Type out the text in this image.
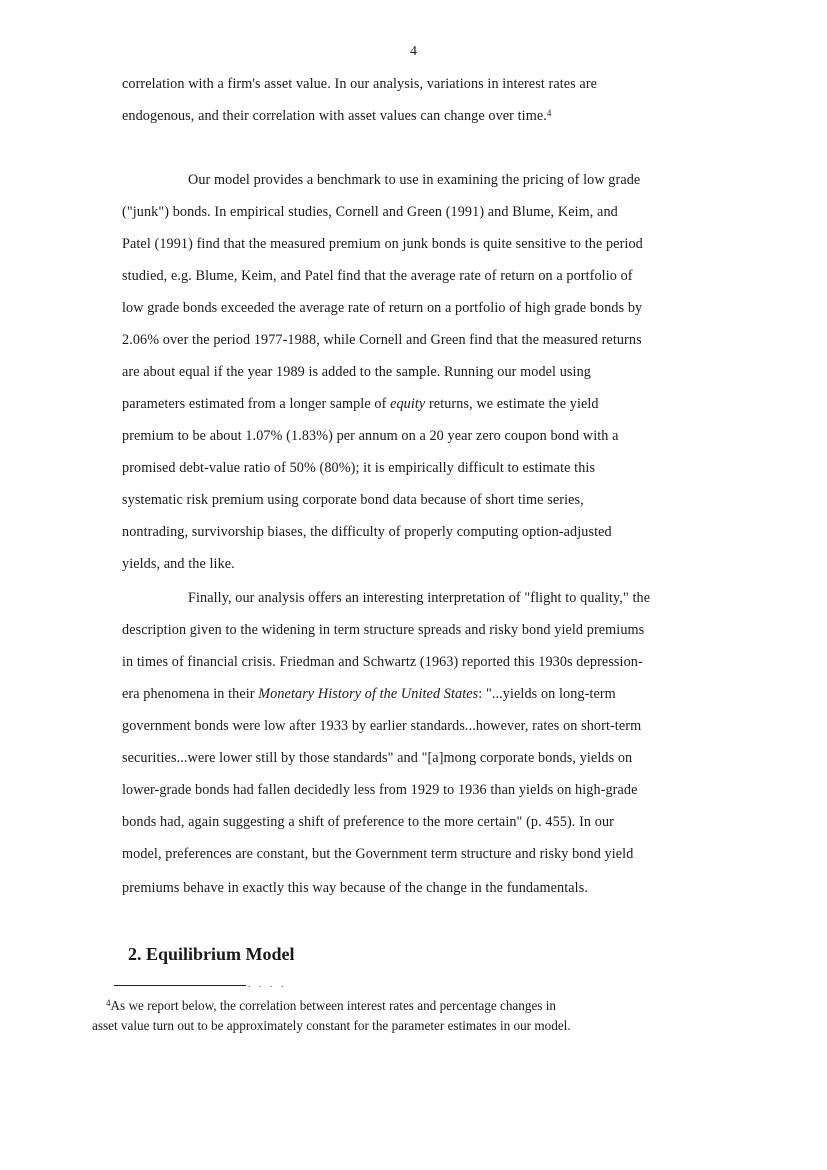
4
correlation with a firm's asset value. In our analysis, variations in interest rates are
endogenous, and their correlation with asset values can change over time.$^4$
Our model provides a benchmark to use in examining the pricing of low grade
("junk") bonds. In empirical studies, Cornell and Green (1991) and Blume, Keim, and
Patel (1991) find that the measured premium on junk bonds is quite sensitive to the period
studied, e.g. Blume, Keim, and Patel find that the average rate of return on a portfolio of
low grade bonds exceeded the average rate of return on a portfolio of high grade bonds by
2.06% over the period 1977-1988, while Cornell and Green find that the measured returns
are about equal if the year 1989 is added to the sample. Running our model using
parameters estimated from a longer sample of equity returns, we estimate the yield
premium to be about 1.07% (1.83%) per annum on a 20 year zero coupon bond with a
promised debt-value ratio of 50% (80%); it is empirically difficult to estimate this
systematic risk premium using corporate bond data because of short time series,
nontrading, survivorship biases, the difficulty of properly computing option-adjusted
yields, and the like.
Finally, our analysis offers an interesting interpretation of "flight to quality," the
description given to the widening in term structure spreads and risky bond yield premiums
in times of financial crisis. Friedman and Schwartz (1963) reported this 1930s depression-
era phenomena in their Monetary History of the United States: "...yields on long-term
government bonds were low after 1933 by earlier standards...however, rates on short-term
securities...were lower still by those standards" and "[a]mong corporate bonds, yields on
lower-grade bonds had fallen decidedly less from 1929 to 1936 than yields on high-grade
bonds had, again suggesting a shift of preference to the more certain" (p. 455). In our
model, preferences are constant, but the Government term structure and risky bond yield
premiums behave in exactly this way because of the change in the fundamentals.
2. Equilibrium Model
. . . .
$^4$As we report below, the correlation between interest rates and percentage changes in
asset value turn out to be approximately constant for the parameter estimates in our model.
